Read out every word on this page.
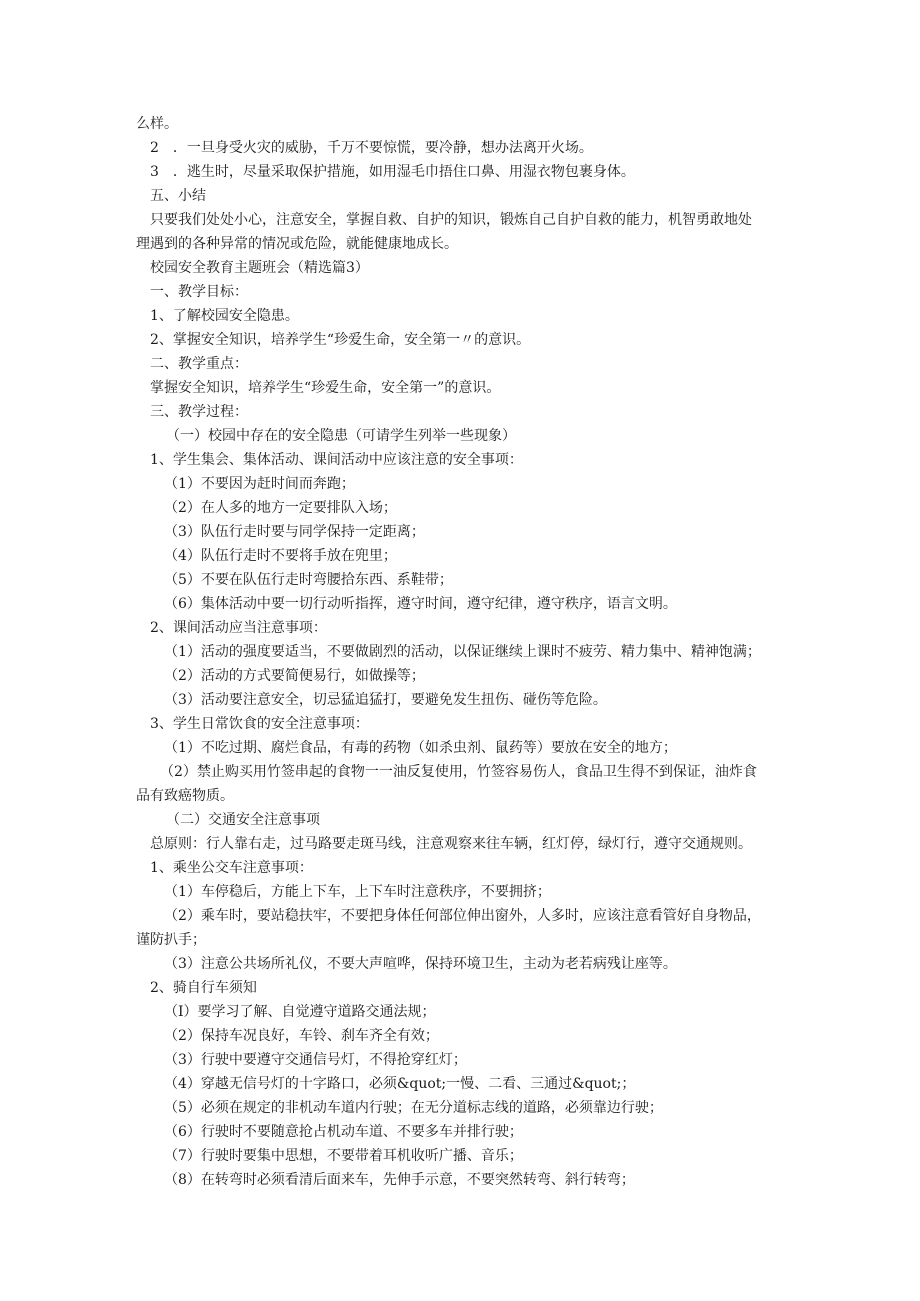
么样。
2　．一旦身受火灾的威胁，千万不要惊慌，要冷静，想办法离开火场。
3　．逃生时，尽量采取保护措施，如用湿毛巾捂住口鼻、用湿衣物包裹身体。
五、小结
只要我们处处小心，注意安全，掌握自救、自护的知识，锻炼自己自护自救的能力，机智勇敢地处
理遇到的各种异常的情况或危险，就能健康地成长。
校园安全教育主题班会（精选篇3）
一、教学目标：
1、了解校园安全隐患。
2、掌握安全知识，培养学生“珍爱生命，安全第一〃的意识。
二、教学重点：
掌握安全知识，培养学生“珍爱生命，安全第一”的意识。
三、教学过程：
（一）校园中存在的安全隐患（可请学生列举一些现象）
1、学生集会、集体活动、课间活动中应该注意的安全事项：
（1）不要因为赶时间而奔跑；
（2）在人多的地方一定要排队入场；
（3）队伍行走时要与同学保持一定距离；
（4）队伍行走时不要将手放在兜里；
（5）不要在队伍行走时弯腰拾东西、系鞋带；
（6）集体活动中要一切行动听指挥，遵守时间，遵守纪律，遵守秩序，语言文明。
2、课间活动应当注意事项：
（1）活动的强度要适当，不要做剧烈的活动，以保证继续上课时不疲劳、精力集中、精神饱满；
（2）活动的方式要简便易行，如做操等；
（3）活动要注意安全，切忌猛追猛打，要避免发生扭伤、碰伤等危险。
3、学生日常饮食的安全注意事项：
（1）不吃过期、腐烂食品，有毒的药物（如杀虫剂、鼠药等）要放在安全的地方；
（2）禁止购买用竹签串起的食物一一油反复使用，竹签容易伤人，食品卫生得不到保证，油炸食
品有致癌物质。
（二）交通安全注意事项
总原则：行人靠右走，过马路要走斑马线，注意观察来往车辆，红灯停，绿灯行，遵守交通规则。
1、乘坐公交车注意事项：
（1）车停稳后，方能上下车，上下车时注意秩序，不要拥挤；
（2）乘车时，要站稳扶牢，不要把身体任何部位伸出窗外，人多时，应该注意看管好自身物品，
谨防扒手；
（3）注意公共场所礼仪，不要大声喧哗，保持环境卫生，主动为老若病残让座等。
2、骑自行车须知
（I）要学习了解、自觉遵守道路交通法规；
（2）保持车况良好，车铃、刹车齐全有效；
（3）行驶中要遵守交通信号灯，不得抢穿红灯；
（4）穿越无信号灯的十字路口，必须&quot;一慢、二看、三通过&quot;；
（5）必须在规定的非机动车道内行驶；在无分道标志线的道路，必须靠边行驶；
（6）行驶时不要随意抢占机动车道、不要多车并排行驶；
（7）行驶时要集中思想，不要带着耳机收听广播、音乐；
（8）在转弯时必须看清后面来车，先伸手示意，不要突然转弯、斜行转弯；
